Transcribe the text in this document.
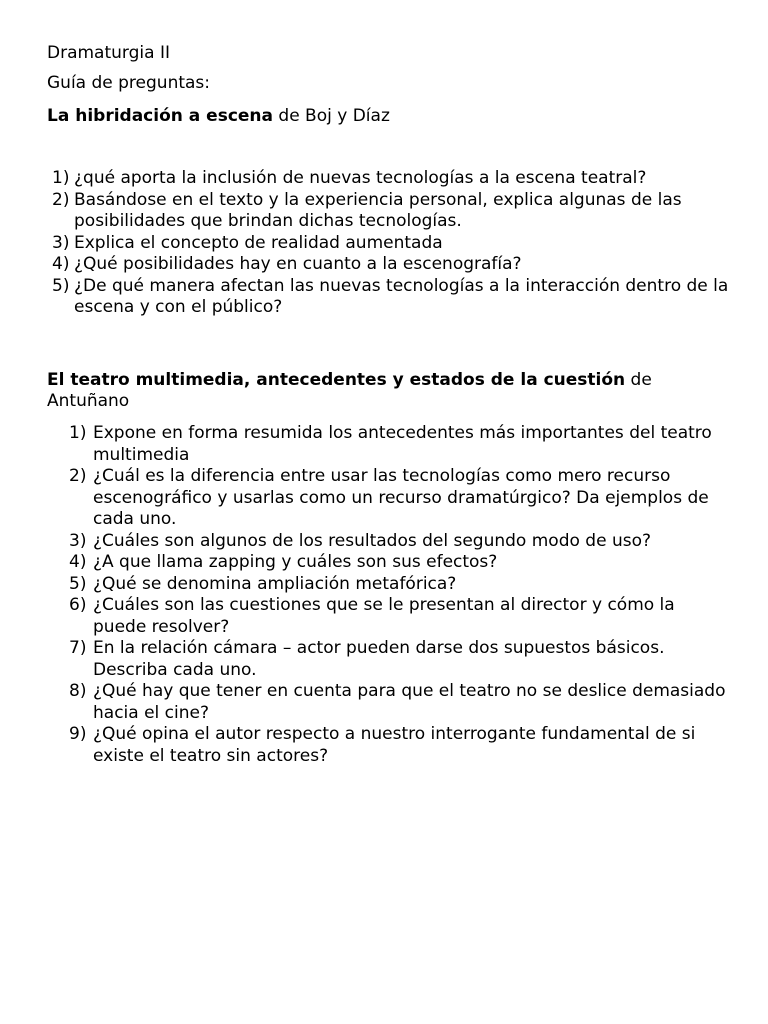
Dramaturgia II
Guía de preguntas:
La hibridación a escena de Boj y Díaz
1) ¿qué aporta la inclusión de nuevas tecnologías a la escena teatral?
2) Basándose en el texto y la experiencia personal, explica algunas de las posibilidades que brindan dichas tecnologías.
3) Explica el concepto de realidad aumentada
4) ¿Qué posibilidades hay en cuanto a la escenografía?
5) ¿De qué manera afectan las nuevas tecnologías a la interacción dentro de la escena y con el público?
El teatro multimedia, antecedentes y estados de la cuestión de
Antuñano
1) Expone en forma resumida los antecedentes más importantes del teatro multimedia
2) ¿Cuál es la diferencia entre usar las tecnologías como mero recurso escenográfico y usarlas como un recurso dramatúrgico? Da ejemplos de cada uno.
3) ¿Cuáles son algunos de los resultados del segundo modo de uso?
4) ¿A que llama zapping y cuáles son sus efectos?
5) ¿Qué se denomina ampliación metafórica?
6) ¿Cuáles son las cuestiones que se le presentan al director y cómo la puede resolver?
7) En la relación cámara – actor pueden darse dos supuestos básicos. Describa cada uno.
8) ¿Qué hay que tener en cuenta para que el teatro no se deslice demasiado hacia el cine?
9) ¿Qué opina el autor respecto a nuestro interrogante fundamental de si existe el teatro sin actores?
